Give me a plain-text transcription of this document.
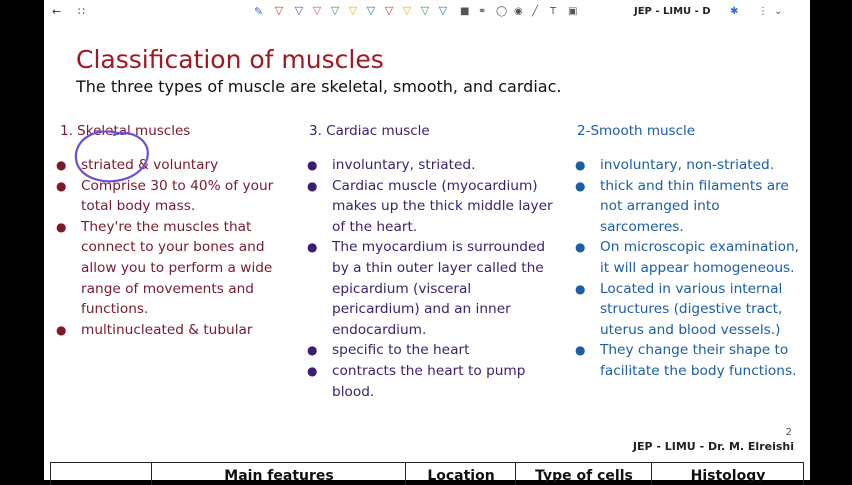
← ∷	✎ ▽ ▽ ▽ ▽ ▽ ▽ ▽ ▽ ▽ ▽ ■ ⚭ ◯ ◉ ╱ T ▣	JEP - LIMU - D ✱ ⋮ ⌄
Classification of muscles
The three types of muscle are skeletal, smooth, and cardiac.
1. Skeletal muscles	3. Cardiac muscle	2-Smooth muscle
● striated & voluntary
● Comprise 30 to 40% of your total body mass.
● They're the muscles that connect to your bones and allow you to perform a wide range of movements and functions.
● multinucleated & tubular
● involuntary, striated.
● Cardiac muscle (myocardium) makes up the thick middle layer of the heart.
● The myocardium is surrounded by a thin outer layer called the epicardium (visceral pericardium) and an inner endocardium.
● specific to the heart
● contracts the heart to pump blood.
● involuntary, non-striated.
● thick and thin filaments are not arranged into sarcomeres.
● On microscopic examination, it will appear homogeneous.
● Located in various internal structures (digestive tract, uterus and blood vessels.)
● They change their shape to facilitate the body functions.
2
JEP - LIMU - Dr. M. Elreishi
Main features	Location	Type of cells	Histology
